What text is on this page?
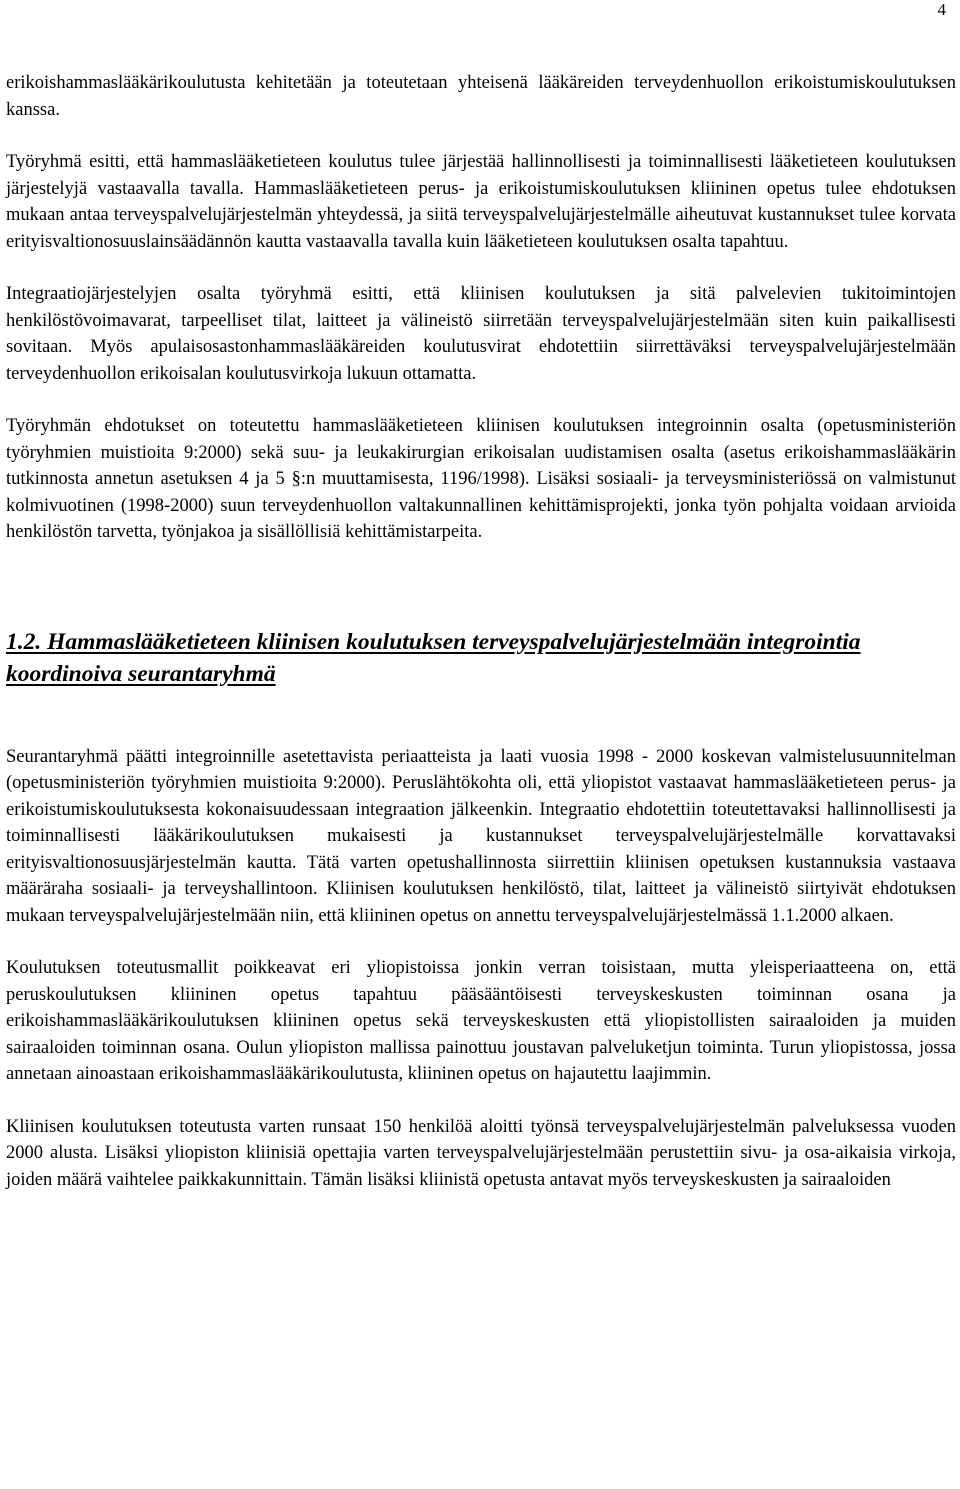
4

erikoishammaslääkärikoulutusta kehitetään ja toteutetaan yhteisenä lääkäreiden terveydenhuollon erikoistumiskoulutuksen kanssa.

Työryhmä esitti, että hammaslääketieteen koulutus tulee järjestää hallinnollisesti ja toiminnallisesti lääketieteen koulutuksen järjestelyjä vastaavalla tavalla. Hammaslääketieteen perus- ja erikoistumiskoulutuksen kliininen opetus tulee ehdotuksen mukaan antaa terveyspalvelujärjestelmän yhteydessä, ja siitä terveyspalvelujärjestelmälle aiheutuvat kustannukset tulee korvata erityisvaltionosuuslainsäädännön kautta vastaavalla tavalla kuin lääketieteen koulutuksen osalta tapahtuu.

Integraatiojärjestelyjen osalta työryhmä esitti, että kliinisen koulutuksen ja sitä palvelevien tukitoimintojen henkilöstövoimavarat, tarpeelliset tilat, laitteet ja välineistö siirretään terveyspalvelujärjestelmään siten kuin paikallisesti sovitaan. Myös apulaisosastonhammaslääkäreiden koulutusvirat ehdotettiin siirrettäväksi terveyspalvelujärjestelmään terveydenhuollon erikoisalan koulutusvirkoja lukuun ottamatta.

Työryhmän ehdotukset on toteutettu hammaslääketieteen kliinisen koulutuksen integroinnin osalta (opetusministeriön työryhmien muistioita 9:2000) sekä suu- ja leukakirurgian erikoisalan uudistamisen osalta (asetus erikoishammaslääkärin tutkinnosta annetun asetuksen 4 ja 5 §:n muuttamisesta, 1196/1998). Lisäksi sosiaali- ja terveysministeriössä on valmistunut kolmivuotinen (1998-2000) suun terveydenhuollon valtakunnallinen kehittämisprojekti, jonka työn pohjalta voidaan arvioida henkilöstön tarvetta, työnjakoa ja sisällöllisiä kehittämistarpeita.

1.2. Hammaslääketieteen kliinisen koulutuksen terveyspalvelujärjestelmään integrointia koordinoiva seurantaryhmä

Seurantaryhmä päätti integroinnille asetettavista periaatteista ja laati vuosia 1998 - 2000 koskevan valmistelusuunnitelman (opetusministeriön työryhmien muistioita 9:2000). Peruslähtökohta oli, että yliopistot vastaavat hammaslääketieteen perus- ja erikoistumiskoulutuksesta kokonaisuudessaan integraation jälkeenkin. Integraatio ehdotettiin toteutettavaksi hallinnollisesti ja toiminnallisesti lääkärikoulutuksen mukaisesti ja kustannukset terveyspalvelujärjestelmälle korvattavaksi erityisvaltionosuusjärjestelmän kautta. Tätä varten opetushallinnosta siirrettiin kliinisen opetuksen kustannuksia vastaava määräraha sosiaali- ja terveyshallintoon. Kliinisen koulutuksen henkilöstö, tilat, laitteet ja välineistö siirtyivät ehdotuksen mukaan terveyspalvelujärjestelmään niin, että kliininen opetus on annettu terveyspalvelujärjestelmässä 1.1.2000 alkaen.

Koulutuksen toteutusmallit poikkeavat eri yliopistoissa jonkin verran toisistaan, mutta yleisperiaatteena on, että peruskoulutuksen kliininen opetus tapahtuu pääsääntöisesti terveyskeskusten toiminnan osana ja erikoishammaslääkärikoulutuksen kliininen opetus sekä terveyskeskusten että yliopistollisten sairaaloiden ja muiden sairaaloiden toiminnan osana. Oulun yliopiston mallissa painottuu joustavan palveluketjun toiminta. Turun yliopistossa, jossa annetaan ainoastaan erikoishammaslääkärikoulutusta, kliininen opetus on hajautettu laajimmin.

Kliinisen koulutuksen toteutusta varten runsaat 150 henkilöä aloitti työnsä terveyspalvelujärjestelmän palveluksessa vuoden 2000 alusta. Lisäksi yliopiston kliinisiä opettajia varten terveyspalvelujärjestelmään perustettiin sivu- ja osa-aikaisia virkoja, joiden määrä vaihtelee paikkakunnittain. Tämän lisäksi kliinistä opetusta antavat myös terveyskeskusten ja sairaaloiden
